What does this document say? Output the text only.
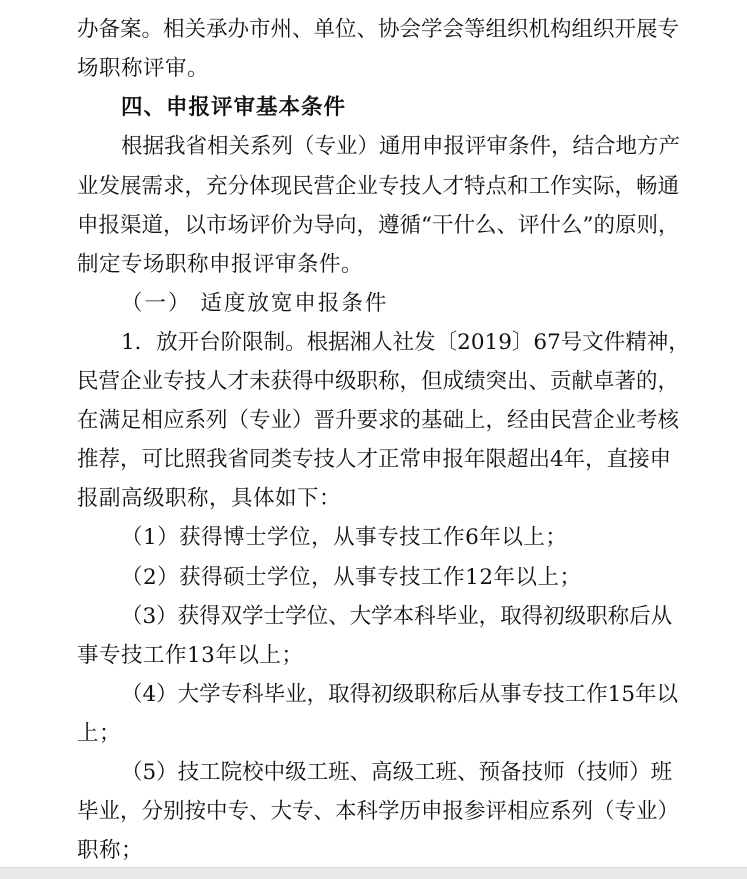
办备案。相关承办市州、单位、协会学会等组织机构组织开展专

场职称评审。

四、申报评审基本条件

根据我省相关系列（专业）通用申报评审条件，结合地方产

业发展需求，充分体现民营企业专技人才特点和工作实际，畅通

申报渠道，以市场评价为导向，遵循“干什么、评什么”的原则，

制定专场职称申报评审条件。

（一） 适度放宽申报条件

1．放开台阶限制。根据湘人社发〔2019〕67号文件精神，

民营企业专技人才未获得中级职称，但成绩突出、贡献卓著的，

在满足相应系列（专业）晋升要求的基础上，经由民营企业考核

推荐，可比照我省同类专技人才正常申报年限超出4年，直接申

报副高级职称，具体如下：

（1）获得博士学位，从事专技工作6年以上；

（2）获得硕士学位，从事专技工作12年以上；

（3）获得双学士学位、大学本科毕业，取得初级职称后从

事专技工作13年以上；

（4）大学专科毕业，取得初级职称后从事专技工作15年以

上；

（5）技工院校中级工班、高级工班、预备技师（技师）班

毕业，分别按中专、大专、本科学历申报参评相应系列（专业）

职称；
